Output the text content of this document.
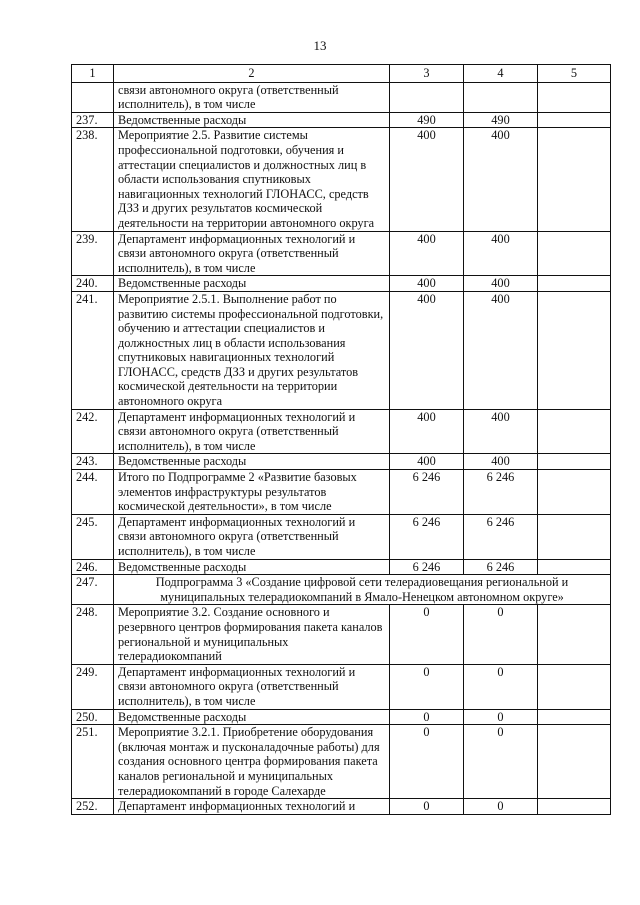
13
1	2	3	4	5
	связи автономного округа (ответственный исполнитель), в том числе			
237.	Ведомственные расходы	490	490	
238.	Мероприятие 2.5. Развитие системы профессиональной подготовки, обучения и аттестации специалистов и должностных лиц в области использования спутниковых навигационных технологий ГЛОНАСС, средств ДЗЗ и других результатов космической деятельности на территории автономного округа	400	400	
239.	Департамент информационных технологий и связи автономного округа (ответственный исполнитель), в том числе	400	400	
240.	Ведомственные расходы	400	400	
241.	Мероприятие 2.5.1. Выполнение работ по развитию системы профессиональной подготовки, обучению и аттестации специалистов и должностных лиц в области использования спутниковых навигационных технологий ГЛОНАСС, средств ДЗЗ и других результатов космической деятельности на территории автономного округа	400	400	
242.	Департамент информационных технологий и связи автономного округа (ответственный исполнитель), в том числе	400	400	
243.	Ведомственные расходы	400	400	
244.	Итого по Подпрограмме 2 «Развитие базовых элементов инфраструктуры результатов космической деятельности», в том числе	6 246	6 246	
245.	Департамент информационных технологий и связи автономного округа (ответственный исполнитель), в том числе	6 246	6 246	
246.	Ведомственные расходы	6 246	6 246	
247.	Подпрограмма 3 «Создание цифровой сети телерадиовещания региональной и муниципальных телерадиокомпаний в Ямало-Ненецком автономном округе»			
248.	Мероприятие 3.2. Создание основного и резервного центров формирования пакета каналов региональной и муниципальных телерадиокомпаний	0	0	
249.	Департамент информационных технологий и связи автономного округа (ответственный исполнитель), в том числе	0	0	
250.	Ведомственные расходы	0	0	
251.	Мероприятие 3.2.1. Приобретение оборудования (включая монтаж и пусконаладочные работы) для создания основного центра формирования пакета каналов региональной и муниципальных телерадиокомпаний в городе Салехарде	0	0	
252.	Департамент информационных технологий и	0	0	
